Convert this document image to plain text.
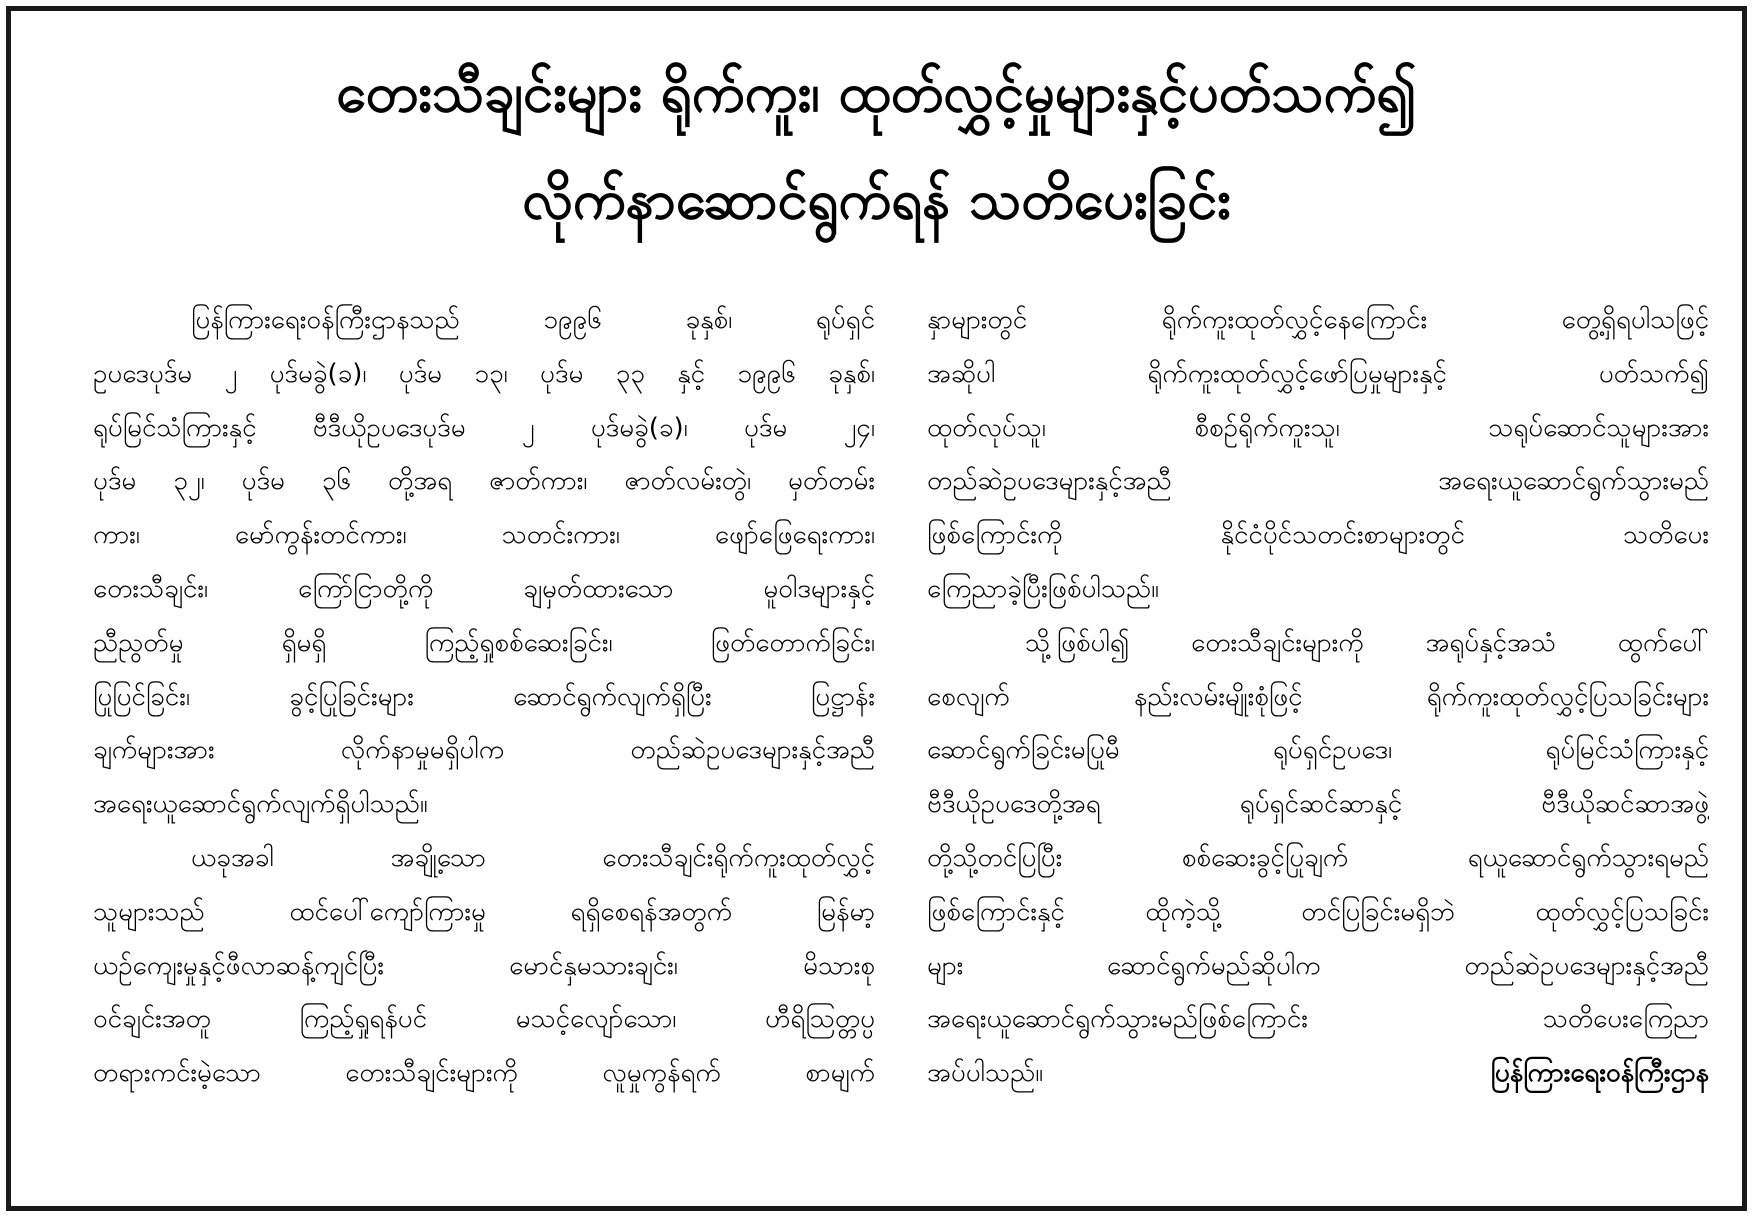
တေးသီချင်းများ ရိုက်ကူး၊ ထုတ်လွှင့်မှုများနှင့်ပတ်သက်၍
လိုက်နာဆောင်ရွက်ရန် သတိပေးခြင်း
ပြန်ကြားရေးဝန်ကြီးဌာနသည် ၁၉၉၆ ခုနှစ်၊ ရုပ်ရှင်
ဥပဒေပုဒ်မ ၂ ပုဒ်မခွဲ(ခ)၊ ပုဒ်မ ၁၃၊ ပုဒ်မ ၃၃ နှင့် ၁၉၉၆ ခုနှစ်၊
ရုပ်မြင်သံကြားနှင့် ဗီဒီယိုဥပဒေပုဒ်မ ၂ ပုဒ်မခွဲ(ခ)၊ ပုဒ်မ ၂၄၊
ပုဒ်မ ၃၂၊ ပုဒ်မ ၃၆ တို့အရ ဇာတ်ကား၊ ဇာတ်လမ်းတွဲ၊ မှတ်တမ်း
ကား၊ မော်ကွန်းတင်ကား၊ သတင်းကား၊ ဖျော်ဖြေရေးကား၊
တေးသီချင်း၊ ကြော်ငြာတို့ကို ချမှတ်ထားသော မူဝါဒများနှင့်
ညီညွတ်မှု ရှိမရှိ ကြည့်ရှုစစ်ဆေးခြင်း၊ ဖြတ်တောက်ခြင်း၊
ပြုပြင်ခြင်း၊ ခွင့်ပြုခြင်းများ ဆောင်ရွက်လျက်ရှိပြီး ပြဋ္ဌာန်း
ချက်များအား လိုက်နာမှုမရှိပါက တည်ဆဲဥပဒေများနှင့်အညီ
အရေးယူဆောင်ရွက်လျက်ရှိပါသည်။
ယခုအခါ အချို့သော တေးသီချင်းရိုက်ကူးထုတ်လွှင့်
သူများသည် ထင်ပေါ်ကျော်ကြားမှု ရရှိစေရန်အတွက် မြန်မာ့
ယဉ်ကျေးမှုနှင့်ဖီလာဆန့်ကျင်ပြီး မောင်နှမသားချင်း၊ မိသားစု
ဝင်ချင်းအတူ ကြည့်ရှုရန်ပင် မသင့်လျော်သော၊ ဟီရိဩတ္တပ္ပ
တရားကင်းမဲ့သော တေးသီချင်းများကို လူမှုကွန်ရက် စာမျက်
နှာများတွင် ရိုက်ကူးထုတ်လွှင့်နေကြောင်း တွေ့ရှိရပါသဖြင့်
အဆိုပါ ရိုက်ကူးထုတ်လွှင့်ဖော်ပြမှုများနှင့် ပတ်သက်၍
ထုတ်လုပ်သူ၊ စီစဉ်ရိုက်ကူးသူ၊ သရုပ်ဆောင်သူများအား
တည်ဆဲဥပဒေများနှင့်အညီ အရေးယူဆောင်ရွက်သွားမည်
ဖြစ်ကြောင်းကို နိုင်ငံပိုင်သတင်းစာများတွင် သတိပေး
ကြေညာခဲ့ပြီးဖြစ်ပါသည်။
သို့ဖြစ်ပါ၍ တေးသီချင်းများကို အရုပ်နှင့်အသံ ထွက်ပေါ်
စေလျက် နည်းလမ်းမျိုးစုံဖြင့် ရိုက်ကူးထုတ်လွှင့်ပြသခြင်းများ
ဆောင်ရွက်ခြင်းမပြုမီ ရုပ်ရှင်ဥပဒေ၊ ရုပ်မြင်သံကြားနှင့်
ဗီဒီယိုဥပဒေတို့အရ ရုပ်ရှင်ဆင်ဆာနှင့် ဗီဒီယိုဆင်ဆာအဖွဲ့
တို့သို့တင်ပြပြီး စစ်ဆေးခွင့်ပြုချက် ရယူဆောင်ရွက်သွားရမည်
ဖြစ်ကြောင်းနှင့် ထိုကဲ့သို့ တင်ပြခြင်းမရှိဘဲ ထုတ်လွှင့်ပြသခြင်း
များ ဆောင်ရွက်မည်ဆိုပါက တည်ဆဲဥပဒေများနှင့်အညီ
အရေးယူဆောင်ရွက်သွားမည်ဖြစ်ကြောင်း သတိပေးကြေညာ
အပ်ပါသည်။	ပြန်ကြားရေးဝန်ကြီးဌာန
